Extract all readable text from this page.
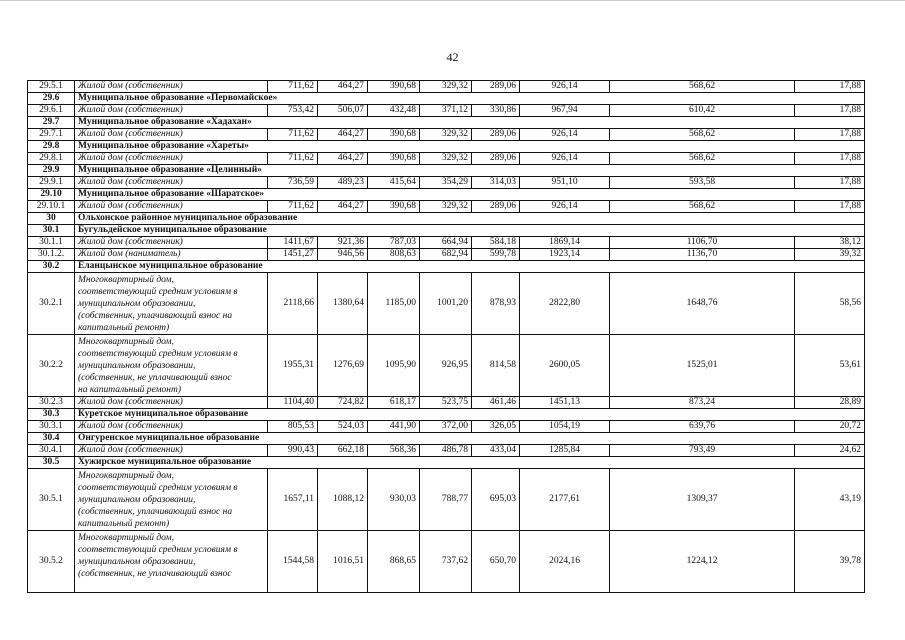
42
29.5.1	Жилой дом (собственник)	711,62	464,27	390,68	329,32	289,06	926,14	568,62	17,88
29.6	Муниципальное образование «Первомайское»								
29.6.1	Жилой дом (собственник)	753,42	506,07	432,48	371,12	330,86	967,94	610,42	17,88
29.7	Муниципальное образование «Хадахан»								
29.7.1	Жилой дом (собственник)	711,62	464,27	390,68	329,32	289,06	926,14	568,62	17,88
29.8	Муниципальное образование «Хареты»								
29.8.1	Жилой дом (собственник)	711,62	464,27	390,68	329,32	289,06	926,14	568,62	17,88
29.9	Муниципальное образование «Целинный»								
29.9.1	Жилой дом (собственник)	736,59	489,23	415,64	354,29	314,03	951,10	593,58	17,88
29.10	Муниципальное образование «Шаратское»								
29.10.1	Жилой дом (собственник)	711,62	464,27	390,68	329,32	289,06	926,14	568,62	17,88
30	Ольхонское районное муниципальное образование								
30.1	Бугульдейское муниципальное образование								
30.1.1	Жилой дом (собственник)	1411,67	921,36	787,03	664,94	584,18	1869,14	1106,70	38,12
30.1.2.	Жилой дом (наниматель)	1451,27	946,56	808,63	682,94	599,78	1923,14	1136,70	39,32
30.2	Еланцынское муниципальное образование								
30.2.1	Многоквартирный дом,
соответствующий средним условиям в
муниципальном образовании,
(собственник, уплачивающий взнос на
капитальный ремонт)	2118,66	1380,64	1185,00	1001,20	878,93	2822,80	1648,76	58,56
30.2.2	Многоквартирный дом,
соответствующий средним условиям в
муниципальном образовании,
(собственник, не уплачивающий взнос
на капитальный ремонт)	1955,31	1276,69	1095,90	926,95	814,58	2600,05	1525,01	53,61
30.2.3	Жилой дом (собственник)	1104,40	724,82	618,17	523,75	461,46	1451,13	873,24	28,89
30.3	Куретское муниципальное образование								
30.3.1	Жилой дом (собственник)	805,53	524,03	441,90	372,00	326,05	1054,19	639,76	20,72
30.4	Онгуренское муниципальное образование								
30.4.1	Жилой дом (собственник)	990,43	662,18	568,36	486,78	433,04	1285,84	793,49	24,62
30.5	Хужирское муниципальное образование								
30.5.1	Многоквартирный дом,
соответствующий средним условиям в
муниципальном образовании,
(собственник, уплачивающий взнос на
капитальный ремонт)	1657,11	1088,12	930,03	788,77	695,03	2177,61	1309,37	43,19
30.5.2	Многоквартирный дом,
соответствующий средним условиям в
муниципальном образовании,
(собственник, не уплачивающий взнос	1544,58	1016,51	868,65	737,62	650,70	2024,16	1224,12	39,78
